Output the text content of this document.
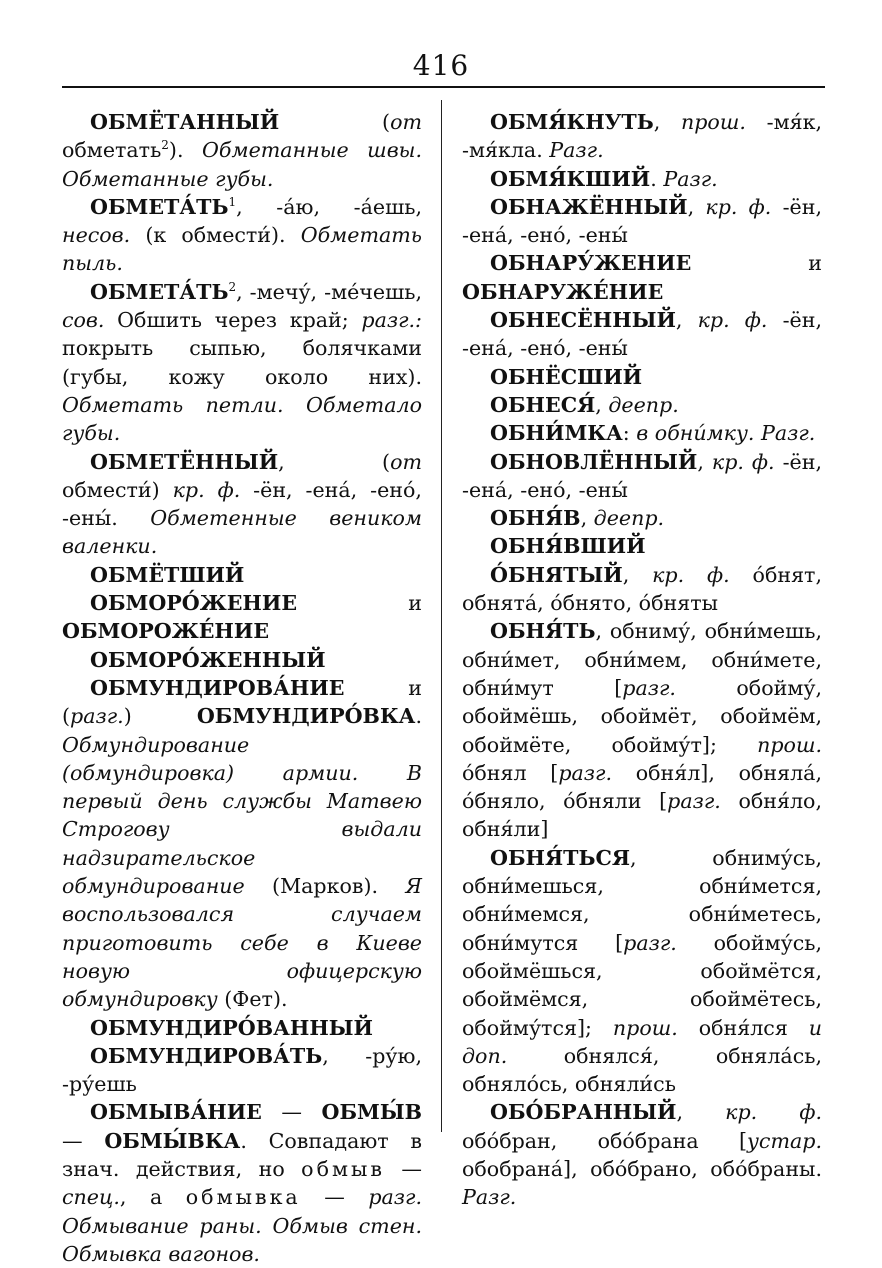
416

ОБМЁТАННЫЙ (от обметать$^2$). Обметанные швы. Обметанные губы.

$ОБМЕТА́ТЬ^1$, -а́ю, -а́ешь, несов. (к обмести́). Обметать пыль.

$ОБМЕТА́ТЬ^2$, -мечу́, -ме́чешь, сов. Обшить через край; разг.: покрыть сыпью, болячками (губы, кожу около них). Обметать петли. Обметало губы.

ОБМЕТЁННЫЙ, (от обмести́) кр. ф. -ён, -ена́, -ено́, -ены́. Обметенные веником валенки.

ОБМЁТШИЙ

ОБМОРО́ЖЕНИЕ и ОБМОРОЖЕ́НИЕ

ОБМОРО́ЖЕННЫЙ

ОБМУНДИРОВА́НИЕ и (разг.) ОБМУНДИРО́ВКА. Обмундирование (обмундировка) армии. В первый день службы Матвею Строгову выдали надзирательское обмундирование (Марков). Я воспользовался случаем приготовить себе в Киеве новую офицерскую обмундировку (Фет).

ОБМУНДИРО́ВАННЫЙ

ОБМУНДИРОВА́ТЬ, -ру́ю, -ру́ешь

ОБМЫВА́НИЕ — ОБМЫ́В — ОБМЫ́ВКА. Совпадают в знач. действия, но обмыв — спец., а обмывка — разг. Обмывание раны. Обмыв стен. Обмывка вагонов.

ОБМЯ́КНУТЬ, прош. -мя́к, -мя́кла. Разг.

ОБМЯ́КШИЙ. Разг.

ОБНАЖЁННЫЙ, кр. ф. -ён, -ена́, -ено́, -ены́

ОБНАРУ́ЖЕНИЕ и ОБНАРУЖЕ́НИЕ

ОБНЕСЁННЫЙ, кр. ф. -ён, -ена́, -ено́, -ены́

ОБНЁСШИЙ

ОБНЕСЯ́, деепр.

ОБНИ́МКА: в обни́мку. Разг.

ОБНОВЛЁННЫЙ, кр. ф. -ён, -ена́, -ено́, -ены́

ОБНЯ́В, деепр.

ОБНЯ́ВШИЙ

О́БНЯТЫЙ, кр. ф. о́бнят, обнята́, о́бнято, о́бняты

ОБНЯ́ТЬ, обниму́, обни́мешь, обни́мет, обни́мем, обни́мете, обни́мут [разг. обойму́, обоймёшь, обоймёт, обоймём, обоймёте, обойму́т]; прош. о́бнял [разг. обня́л], обняла́, о́бняло, о́бняли [разг. обня́ло, обня́ли]

ОБНЯ́ТЬСЯ, обниму́сь, обни́мешься, обни́мется, обни́мемся, обни́метесь, обни́мутся [разг. обойму́сь, обоймёшься, обоймётся, обоймёмся, обоймётесь, обойму́тся]; прош. обня́лся и доп. обнялся́, обняла́сь, обняло́сь, обняли́сь

ОБО́БРАННЫЙ, кр. ф. обо́бран, обо́брана [устар. обобрана́], обо́брано, обо́браны. Разг.
